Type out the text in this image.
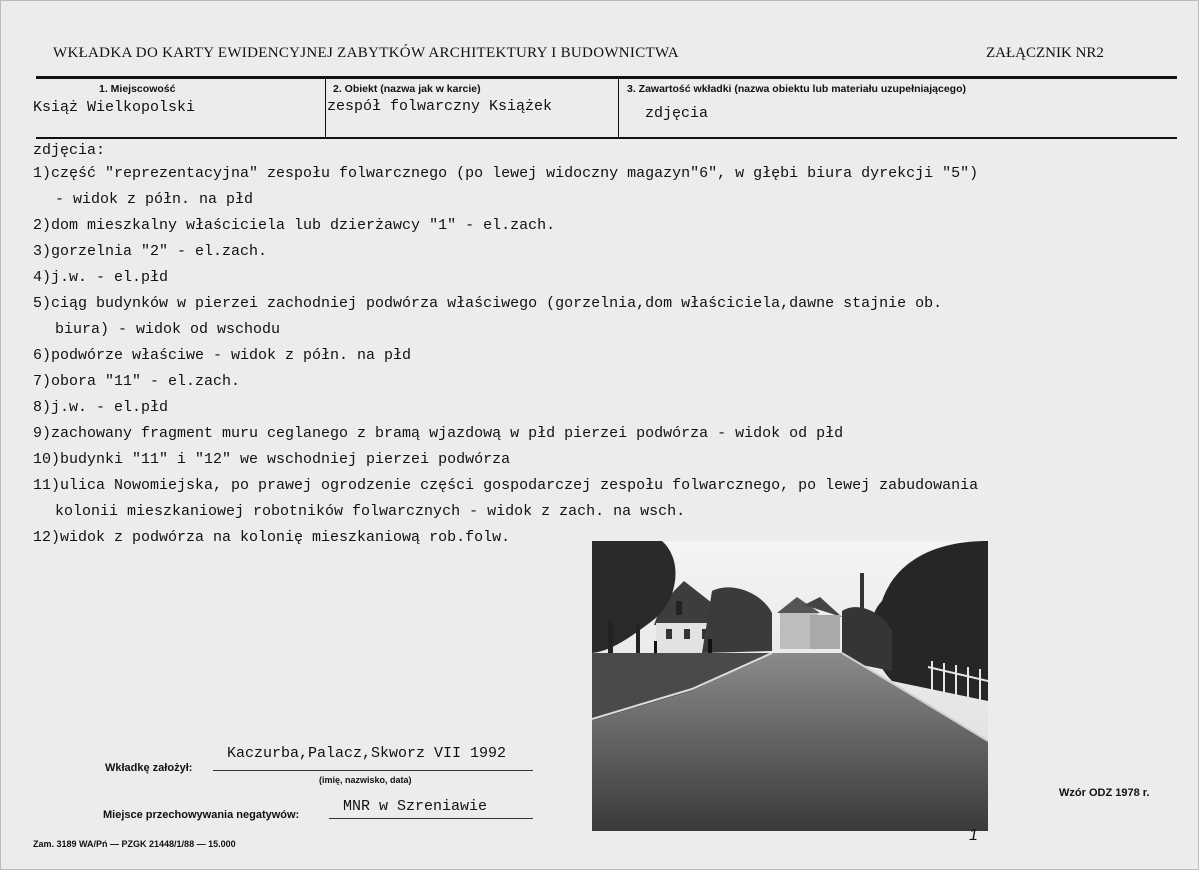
WKŁADKA DO KARTY EWIDENCYJNEJ ZABYTKÓW ARCHITEKTURY I BUDOWNICTWA	ZAŁĄCZNIK NR2
1. Miejscowość
Książ Wielkopolski
2. Obiekt (nazwa jak w karcie)
zespół folwarczny Książek
3. Zawartość wkładki (nazwa obiektu lub materiału uzupełniającego)
zdjęcia
zdjęcia:
1)część "reprezentacyjna" zespołu folwarcznego (po lewej widoczny magazyn"6", w głębi biura dyrekcji "5")
- widok z półn. na płd
2)dom mieszkalny właściciela lub dzierżawcy "1" - el.zach.
3)gorzelnia "2" - el.zach.
4)j.w. - el.płd
5)ciąg budynków w pierzei zachodniej podwórza właściwego (gorzelnia,dom właściciela,dawne stajnie ob.
biura) - widok od wschodu
6)podwórze właściwe - widok z półn. na płd
7)obora "11" - el.zach.
8)j.w. - el.płd
9)zachowany fragment muru ceglanego z bramą wjazdową w płd pierzei podwórza - widok od płd
10)budynki "11" i "12" we wschodniej pierzei podwórza
11)ulica Nowomiejska, po prawej ogrodzenie części gospodarczej zespołu folwarcznego, po lewej zabudowania
kolonii mieszkaniowej robotników folwarcznych - widok z zach. na wsch.
12)widok z podwórza na kolonię mieszkaniową rob.folw.
1
Wkładkę założył:
Kaczurba,Palacz,Skworz VII 1992
(imię, nazwisko, data)
Miejsce przechowywania negatywów:	MNR w Szreniawie
Wzór ODZ 1978 r.
Zam. 3189 WA/Pń — PZGK 21448/1/88 — 15.000
